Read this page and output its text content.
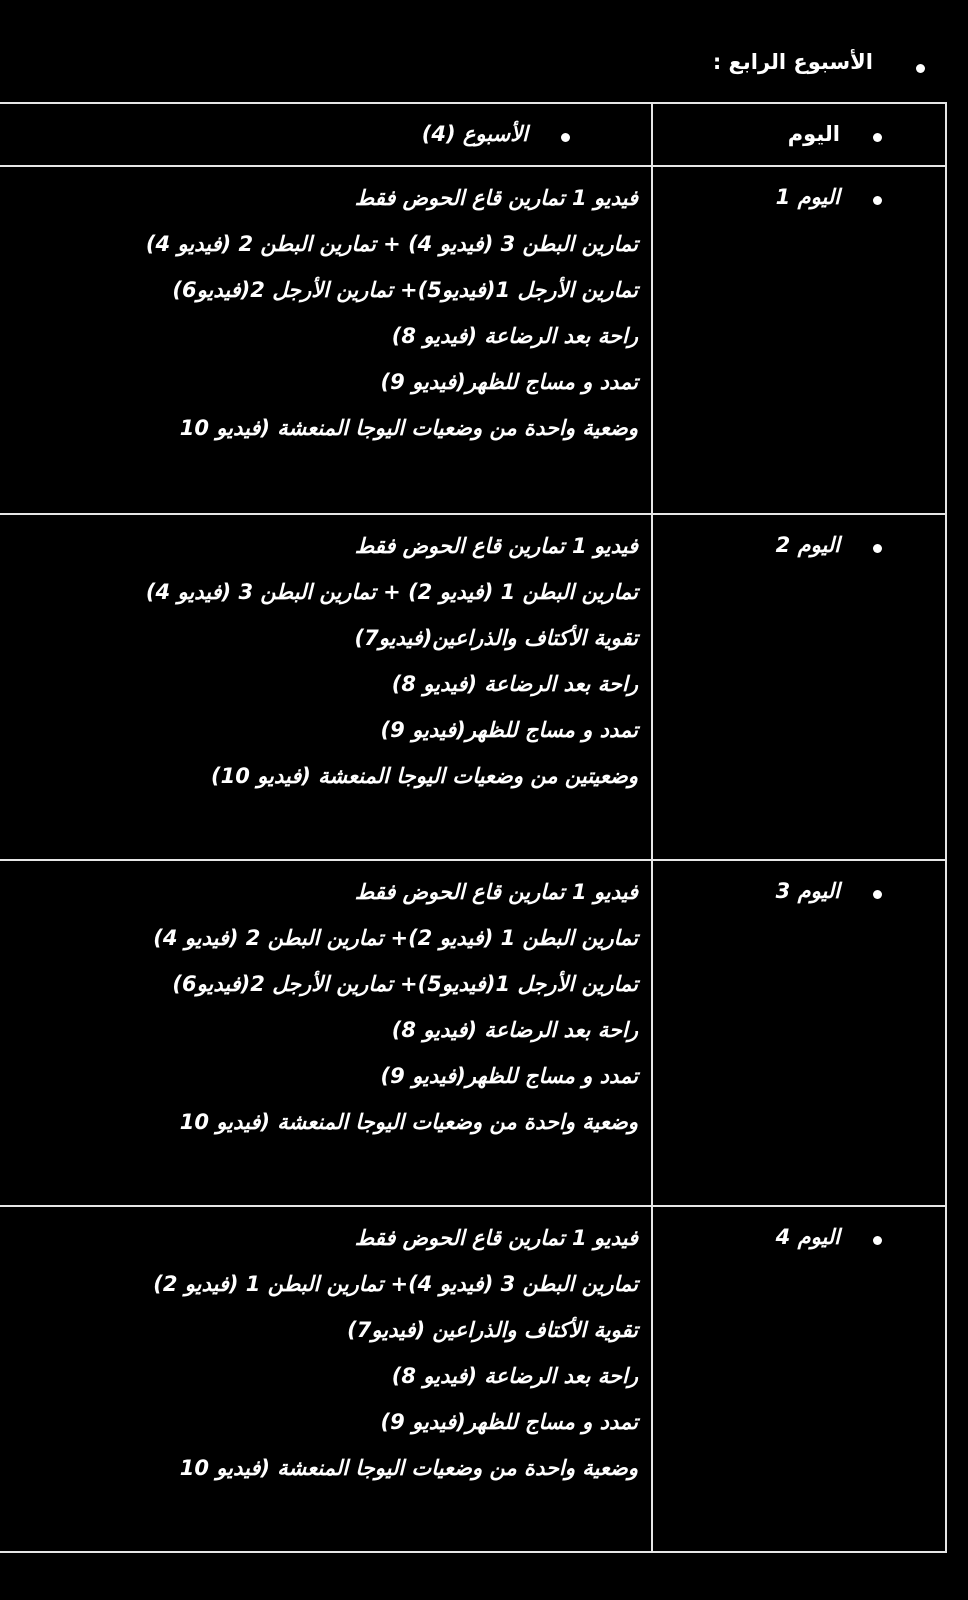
الأسبوع الرابع :
اليوم
الأسبوع (4)
اليوم 1
فيديو 1 تمارين قاع الحوض فقط
تمارين البطن 3 (فيديو 4) + تمارين البطن 2 (فيديو 4)
تمارين الأرجل 1(فيديو5)+ تمارين الأرجل 2(فيديو6)
راحة بعد الرضاعة (فيديو 8)
تمدد و مساج للظهر(فيديو 9)
وضعية واحدة من وضعيات اليوجا المنعشة (فيديو 10
اليوم 2
فيديو 1 تمارين قاع الحوض فقط
تمارين البطن 1 (فيديو 2) + تمارين البطن 3 (فيديو 4)
تقوية الأكتاف والذراعين(فيديو7)
راحة بعد الرضاعة (فيديو 8)
تمدد و مساج للظهر(فيديو 9)
وضعيتين من وضعيات اليوجا المنعشة (فيديو 10)
اليوم 3
فيديو 1 تمارين قاع الحوض فقط
تمارين البطن 1 (فيديو 2)+ تمارين البطن 2 (فيديو 4)
تمارين الأرجل 1(فيديو5)+ تمارين الأرجل 2(فيديو6)
راحة بعد الرضاعة (فيديو 8)
تمدد و مساج للظهر(فيديو 9)
وضعية واحدة من وضعيات اليوجا المنعشة (فيديو 10
اليوم 4
فيديو 1 تمارين قاع الحوض فقط
تمارين البطن 3 (فيديو 4)+ تمارين البطن 1 (فيديو 2)
تقوية الأكتاف والذراعين (فيديو7)
راحة بعد الرضاعة (فيديو 8)
تمدد و مساج للظهر(فيديو 9)
وضعية واحدة من وضعيات اليوجا المنعشة (فيديو 10
